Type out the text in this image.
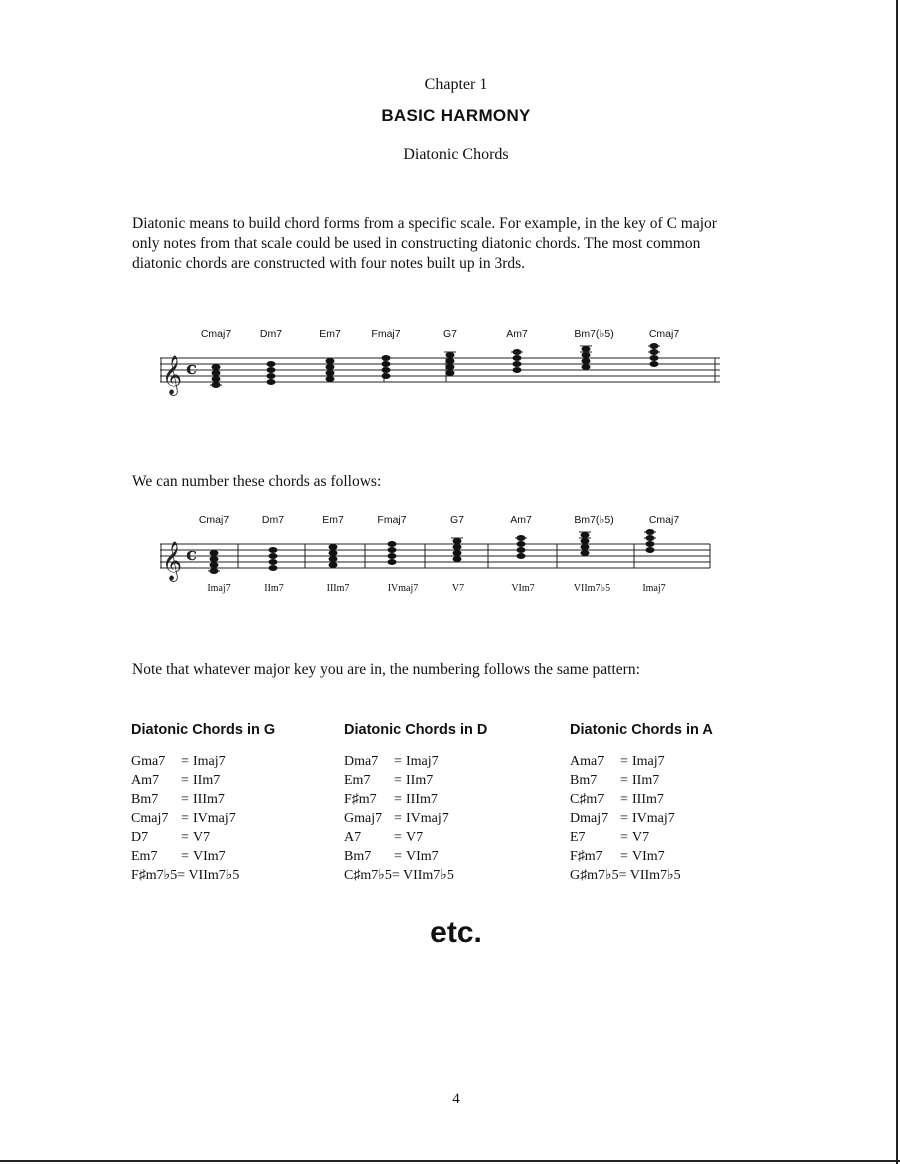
Chapter 1
BASIC HARMONY
Diatonic Chords
Diatonic means to build chord forms from a specific scale. For example, in the key of C major
only notes from that scale could be used in constructing diatonic chords. The most common
diatonic chords are constructed with four notes built up in 3rds.
Cmaj7	Dm7	Em7	Fmaj7	G7	Am7	Bm7(♭5)	Cmaj7
𝄞 c
We can number these chords as follows:
Cmaj7	Dm7	Em7	Fmaj7	G7	Am7	Bm7(♭5)	Cmaj7
Imaj7	IIm7	IIIm7	IVmaj7	V7	VIm7	VIIm7♭5	Imaj7
𝄞 c
Note that whatever major key you are in, the numbering follows the same pattern:
Diatonic Chords in G
Gma7 = Imaj7
Am7 = IIm7
Bm7 = IIIm7
Cmaj7 = IVmaj7
D7 = V7
Em7 = VIm7
F♯m7♭5= VIIm7♭5
Diatonic Chords in D
Dma7 = Imaj7
Em7 = IIm7
F♯m7 = IIIm7
Gmaj7 = IVmaj7
A7 = V7
Bm7 = VIm7
C♯m7♭5= VIIm7♭5
Diatonic Chords in A
Ama7 = Imaj7
Bm7 = IIm7
C♯m7 = IIIm7
Dmaj7 = IVmaj7
E7 = V7
F♯m7 = VIm7
G♯m7♭5= VIIm7♭5
etc.
4
